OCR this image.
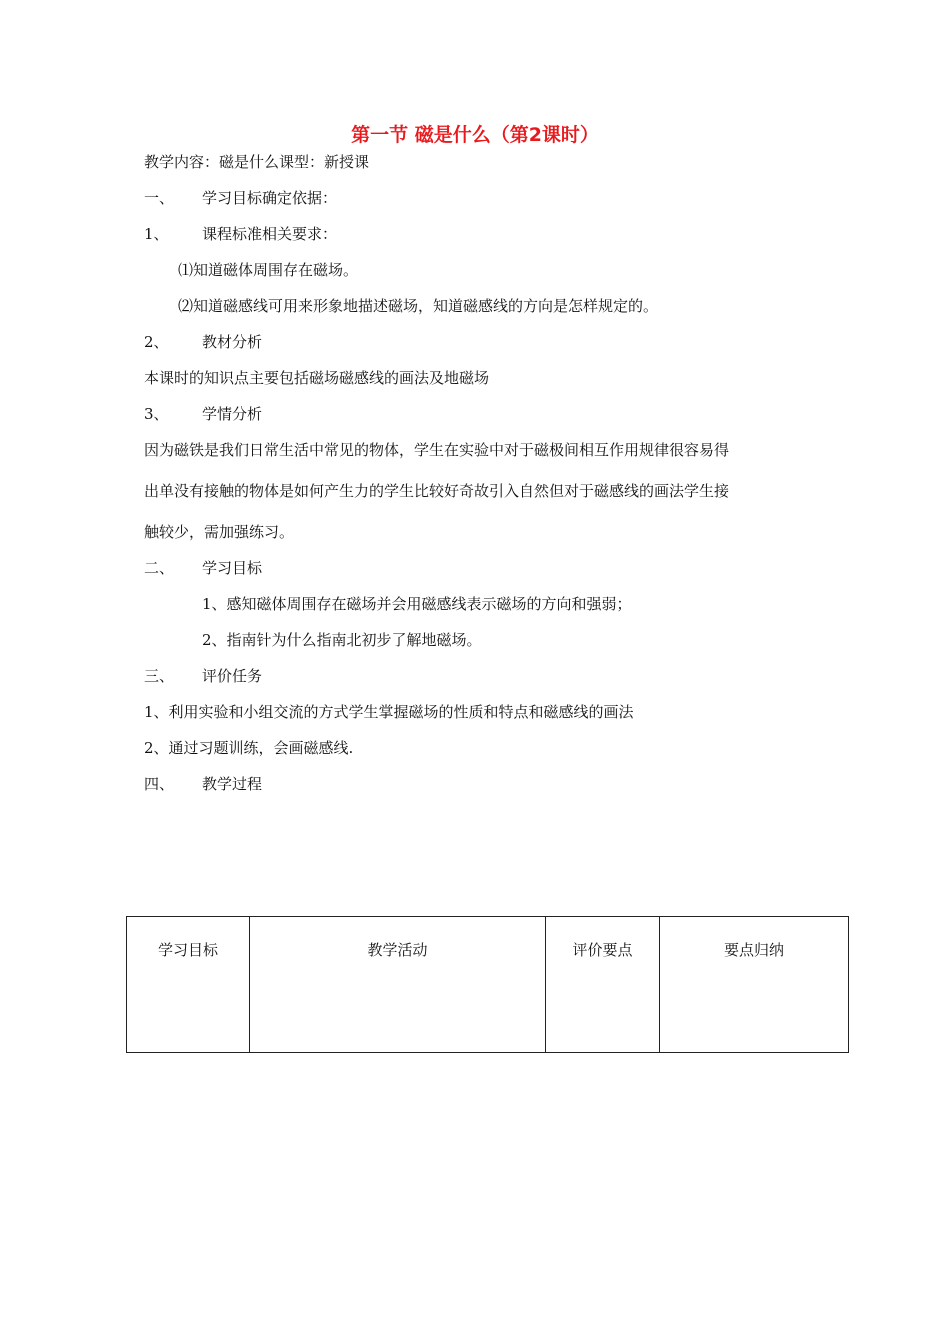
第一节 磁是什么（第2课时）
教学内容：磁是什么课型：新授课
一、 学习目标确定依据：
1、 课程标准相关要求：
⑴知道磁体周围存在磁场。
⑵知道磁感线可用来形象地描述磁场，知道磁感线的方向是怎样规定的。
2、 教材分析
本课时的知识点主要包括磁场磁感线的画法及地磁场
3、 学情分析
因为磁铁是我们日常生活中常见的物体，学生在实验中对于磁极间相互作用规律很容易得
出单没有接触的物体是如何产生力的学生比较好奇故引入自然但对于磁感线的画法学生接
触较少，需加强练习。
二、 学习目标
1、感知磁体周围存在磁场并会用磁感线表示磁场的方向和强弱；
2、指南针为什么指南北初步了解地磁场。
三、 评价任务
1、利用实验和小组交流的方式学生掌握磁场的性质和特点和磁感线的画法
2、通过习题训练，会画磁感线.
四、 教学过程
学习目标	教学活动	评价要点	要点归纳
